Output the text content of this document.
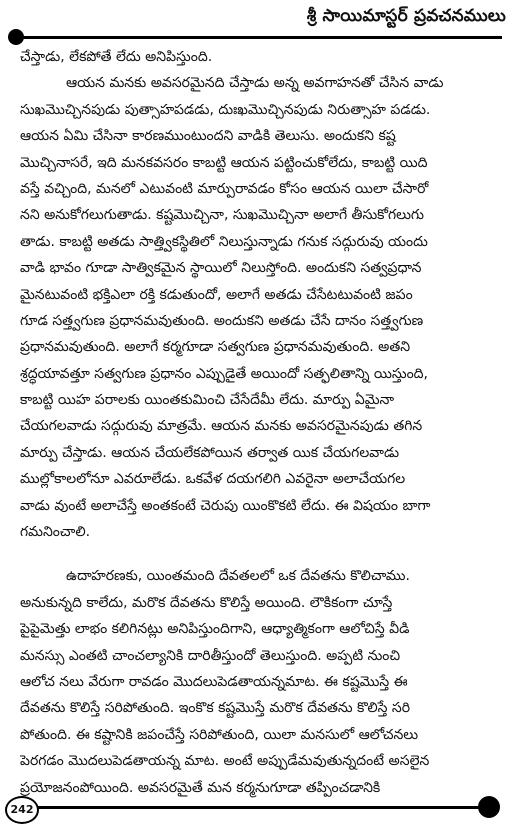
శ్రీ సాయిమాస్టర్ ప్రవచనములు

చేస్తాడు, లేకపోతే లేదు అనిపిస్తుంది.

ఆయన మనకు అవసరమైనది చేస్తాడు అన్న అవగాహనతో చేసిన వాడు

సుఖమొచ్చినపుడు పుత్సాహపడడు, దుఃఖమొచ్చినపుడు నిరుత్సాహ పడడు.

ఆయన ఏమి చేసినా కారణముంటుందని వాడికి తెలుసు. అందుకని కష్ట

మొచ్చినాసరే, ఇది మనకవసరం కాబట్టి ఆయన పట్టించుకోలేదు, కాబట్టి యిది

వస్తే వచ్చింది, మనలో ఎటువంటి మార్పురావడం కోసం ఆయన యిలా చేసారో

నని అనుకోగలుగుతాడు. కష్టమొచ్చినా, సుఖమొచ్చినా అలాగే తీసుకోగలుగు

తాడు. కాబట్టి అతడు సాత్త్వికస్థితిలో నిలుస్తున్నాడు గనుక సద్గురువు యందు

వాడి భావం గూడా సాత్వికమైన స్థాయిలో నిలుస్తోంది. అందుకని సత్వప్రధాన

మైనటువంటి భక్తిఎలా రక్తి కడుతుందో, అలాగే అతడు చేసేటటువంటి జపం

గూడ సత్త్వగుణ ప్రధానమవుతుంది. అందుకని అతడు చేసే దానం సత్త్వగుణ

ప్రధానమవుతుంది. అలాగే కర్మగూడా సత్వగుణ ప్రధానమవుతుంది. అతని

శ్రద్ధయావత్తూ సత్వగుణ ప్రధానం ఎప్పుడైతే అయిందో సత్ఫలితాన్ని యిస్తుంది,

కాబట్టి యిహ పరాలకు యింతకుమించి చేసేదేమీ లేదు. మార్పు ఏమైనా

చేయగలవాడు సద్గురువు మాత్రమే. ఆయన మనకు అవసరమైనపుడు తగిన

మార్పు చేస్తాడు. ఆయన చేయలేకపోయిన తర్వాత యిక చేయగలవాడు

ముల్లోకాలలోనూ ఎవరూలేడు. ఒకవేళ దయగలిగి ఎవరైనా అలాచేయగల

వాడు వుంటే అలాచేస్తే అంతకంటే చెరుపు యింకొకటి లేదు. ఈ విషయం బాగా

గమనించాలి.

ఉదాహరణకు, యింతమంది దేవతలలో ఒక దేవతను కొలిచాము.

అనుకున్నది కాలేదు, మరొక దేవతను కొలిస్తే అయింది. లౌకికంగా చూస్తే

పైపైమెత్తు లాభం కలిగినట్లు అనిపిస్తుందిగాని, ఆధ్యాత్మికంగా ఆలోచిస్తే వీడి

మనస్సు ఎంతటి చాంచల్యానికి దారితీస్తుందో తెలుస్తుంది. అప్పటి నుంచి

ఆలోచ నలు వేరుగా రావడం మొదలుపెడతాయన్నమాట. ఈ కష్టమొస్తే ఈ

దేవతను కొలిస్తే సరిపోతుంది. ఇంకొక కష్టమొస్తే మరొక దేవతను కొలిస్తే సరి

పోతుంది. ఈ కష్టానికి జపంచేస్తే సరిపోతుంది, యిలా మనసులో ఆలోచనలు

పెరగడం మొదలుపెడతాయన్న మాట. అంటే అప్పుడేమవుతున్నదంటే అసలైన

ప్రయోజనంపోయింది. అవసరమైతే మన కర్మనుగూడా తప్పించడానికి

242
